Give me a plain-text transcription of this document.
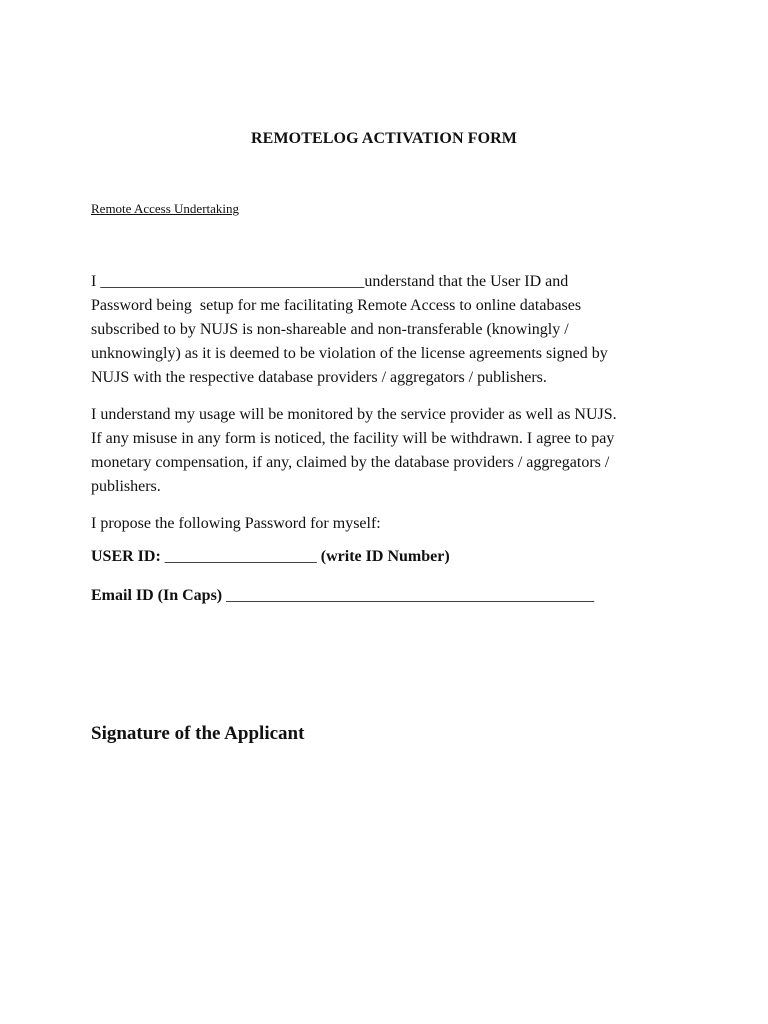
REMOTELOG ACTIVATION FORM
Remote Access Undertaking
I _________________________________understand that the User ID and
Password being  setup for me facilitating Remote Access to online databases
subscribed to by NUJS is non-shareable and non-transferable (knowingly /
unknowingly) as it is deemed to be violation of the license agreements signed by
NUJS with the respective database providers / aggregators / publishers.
I understand my usage will be monitored by the service provider as well as NUJS.
If any misuse in any form is noticed, the facility will be withdrawn. I agree to pay
monetary compensation, if any, claimed by the database providers / aggregators /
publishers.
I propose the following Password for myself:
USER ID: ___________________ (write ID Number)
Email ID (In Caps) ______________________________________________
Signature of the Applicant
